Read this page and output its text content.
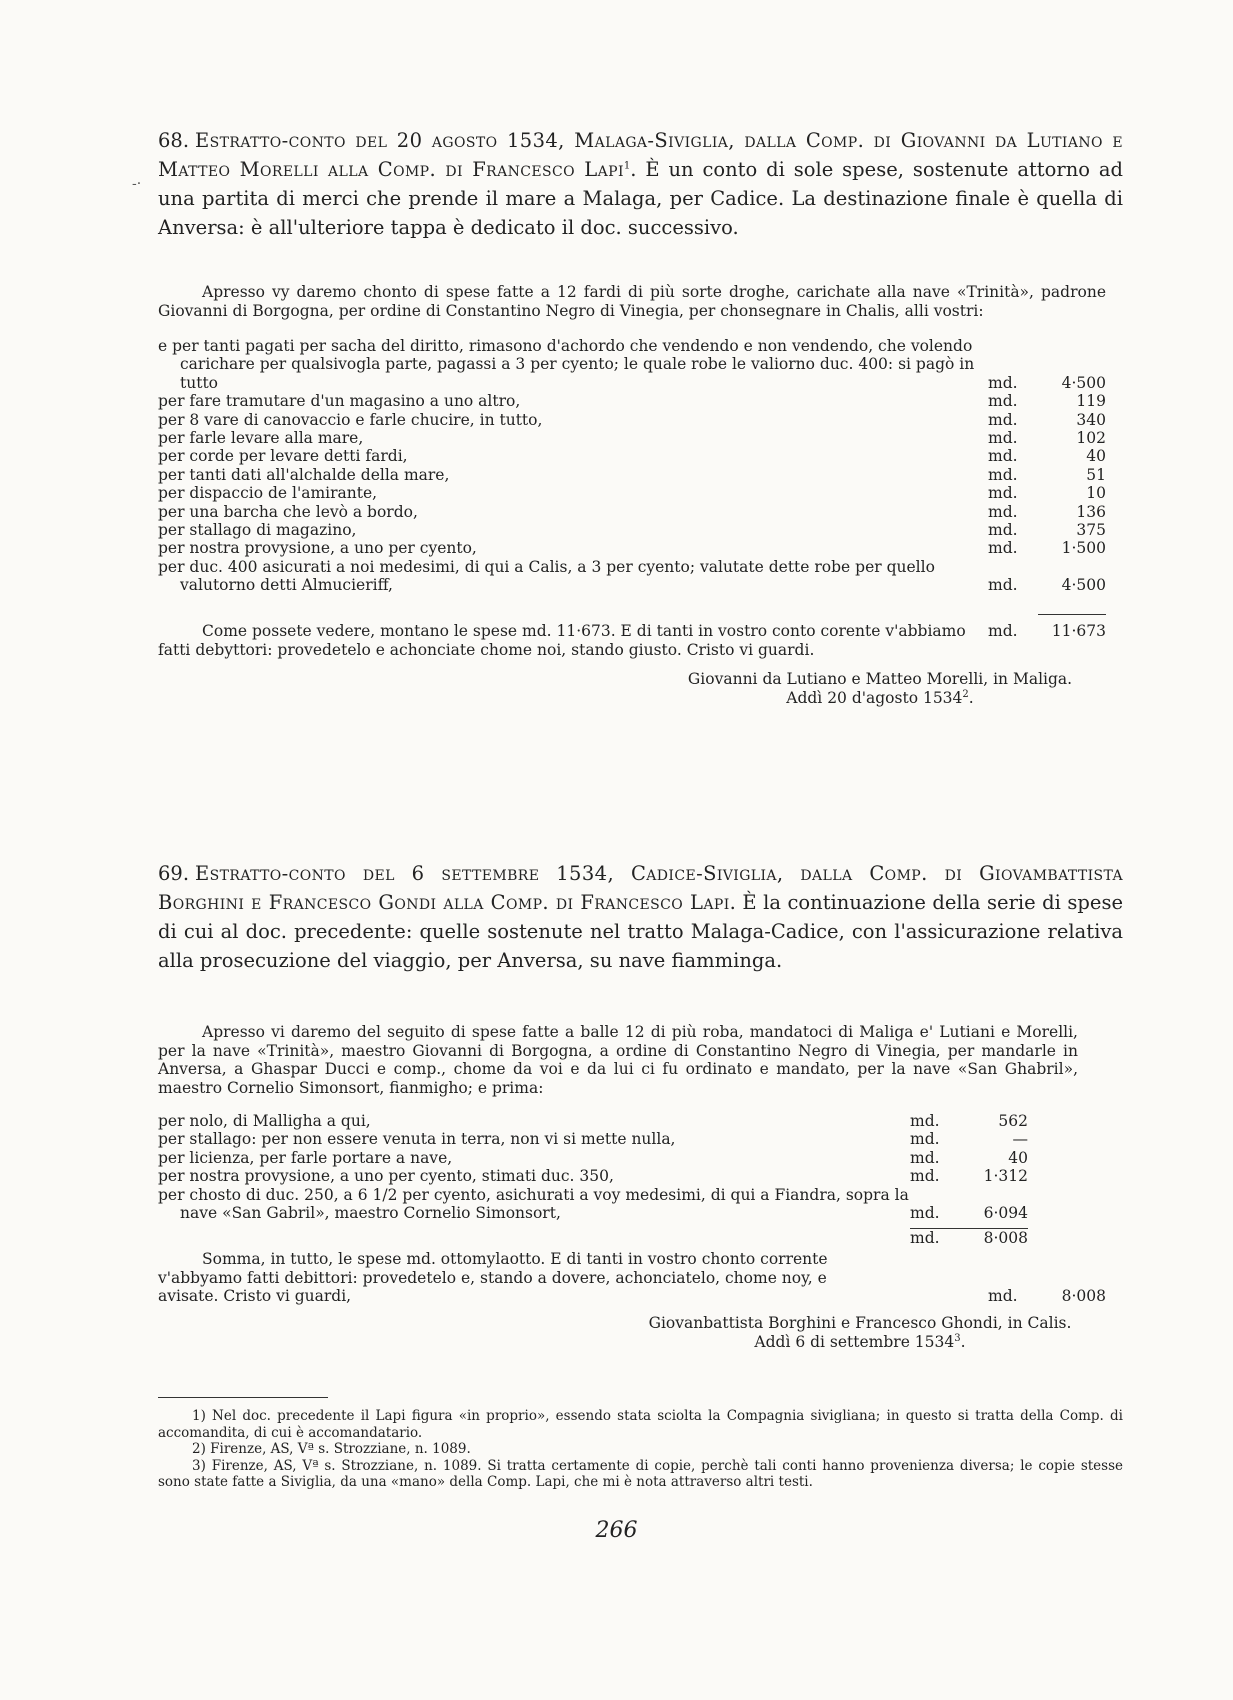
-·
68. Estratto-conto del 20 agosto 1534, Malaga-Siviglia, dalla Comp. di Giovanni da Lutiano e Matteo Morelli alla Comp. di Francesco Lapi$^1$. È un conto di sole spese, sostenute attorno ad una partita di merci che prende il mare a Malaga, per Cadice. La destinazione finale è quella di Anversa: è all'ulteriore tappa è dedicato il doc. successivo.
Apresso vy daremo chonto di spese fatte a 12 fardi di più sorte droghe, carichate alla nave «Trinità», padrone Giovanni di Borgogna, per ordine di Constantino Negro di Vinegia, per chonsegnare in Chalis, alli vostri:
e per tanti pagati per sacha del diritto, rimasono d'achordo che vendendo e non vendendo, che volendo carichare per qualsivogla parte, pagassi a 3 per cyento; le quale robe le valiorno duc. 400: si pagò in tutto	md.	4·500
per fare tramutare d'un magasino a uno altro,	md.	119
per 8 vare di canovaccio e farle chucire, in tutto,	md.	340
per farle levare alla mare,	md.	102
per corde per levare detti fardi,	md.	40
per tanti dati all'alchalde della mare,	md.	51
per dispaccio de l'amirante,	md.	10
per una barcha che levò a bordo,	md.	136
per stallago di magazino,	md.	375
per nostra provysione, a uno per cyento,	md.	1·500
per duc. 400 asicurati a noi medesimi, di qui a Calis, a 3 per cyento; valutate dette robe per quello valutorno detti Almucieriff,	md.	4·500
Come possete vedere, montano le spese md. 11·673. E di tanti in vostro conto corente v'abbiamo fatti debyttori: provedetelo e achonciate chome noi, stando giusto. Cristo vi guardi.
md.	11·673
Giovanni da Lutiano e Matteo Morelli, in Maliga.
Addì 20 d'agosto 1534$^2$.
69. Estratto-conto del 6 settembre 1534, Cadice-Siviglia, dalla Comp. di Giovambattista Borghini e Francesco Gondi alla Comp. di Francesco Lapi. È la continuazione della serie di spese di cui al doc. precedente: quelle sostenute nel tratto Malaga-Cadice, con l'assicurazione relativa alla prosecuzione del viaggio, per Anversa, su nave fiamminga.
Apresso vi daremo del seguito di spese fatte a balle 12 di più roba, mandatoci di Maliga e' Lutiani e Morelli, per la nave «Trinità», maestro Giovanni di Borgogna, a ordine di Constantino Negro di Vinegia, per mandarle in Anversa, a Ghaspar Ducci e comp., chome da voi e da lui ci fu ordinato e mandato, per la nave «San Ghabril», maestro Cornelio Simonsort, fianmigho; e prima:
per nolo, di Malligha a qui,	md.	562
per stallago: per non essere venuta in terra, non vi si mette nulla,	md.	—
per licienza, per farle portare a nave,	md.	40
per nostra provysione, a uno per cyento, stimati duc. 350,	md.	1·312
per chosto di duc. 250, a 6 1/2 per cyento, asichurati a voy medesimi, di qui a Fiandra, sopra la nave «San Gabril», maestro Cornelio Simonsort,	md.	6·094
md.	8·008
Somma, in tutto, le spese md. ottomylaotto. E di tanti in vostro chonto corrente v'abbyamo fatti debittori: provedetelo e, stando a dovere, achonciatelo, chome noy, e avisate. Cristo vi guardi,	md.	8·008
Giovanbattista Borghini e Francesco Ghondi, in Calis.
Addì 6 di settembre 1534$^3$.

1) Nel doc. precedente il Lapi figura «in proprio», essendo stata sciolta la Compagnia sivigliana; in questo si tratta della Comp. di accomandita, di cui è accomandatario.

2) Firenze, AS, Vª s. Strozziane, n. 1089.

3) Firenze, AS, Vª s. Strozziane, n. 1089. Si tratta certamente di copie, perchè tali conti hanno provenienza diversa; le copie stesse sono state fatte a Siviglia, da una «mano» della Comp. Lapi, che mi è nota attraverso altri testi.

266
